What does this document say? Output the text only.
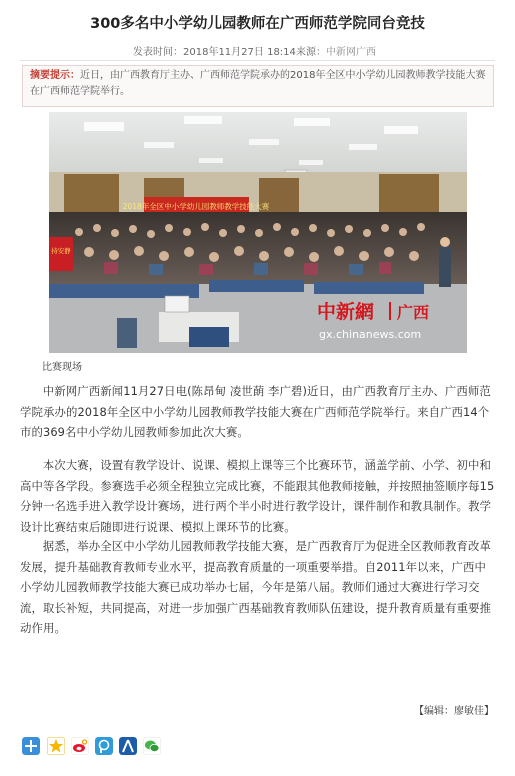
300多名中小学幼儿园教师在广西师范学院同台竞技
发表时间：2018年11月27日 18:14 来源：中新网广西
摘要提示：近日，由广西教育厅主办、广西师范学院承办的2018年全区中小学幼儿园教师教学技能大赛在广西师范学院举行。
2018年全区中小学幼儿园教师教学技能大赛
持安静
中新網 广西
gx.chinanews.com
比赛现场

中新网广西新闻11月27日电(陈昂甸 凌世蓢 李广碧)近日，由广西教育厅主办、广西师范学院承办的2018年全区中小学幼儿园教师教学技能大赛在广西师范学院举行。来自广西14个市的369名中小学幼儿园教师参加此次大赛。

本次大赛，设置有教学设计、说课、模拟上课等三个比赛环节，涵盖学前、小学、初中和高中等各学段。参赛选手必须全程独立完成比赛，不能跟其他教师接触，并按照抽签顺序每15分钟一名选手进入教学设计赛场，进行两个半小时进行教学设计，课件制作和教具制作。教学设计比赛结束后随即进行说课、模拟上课环节的比赛。

据悉，举办全区中小学幼儿园教师教学技能大赛，是广西教育厅为促进全区教师教育改革发展，提升基础教育教师专业水平，提高教育质量的一项重要举措。自2011年以来，广西中小学幼儿园教师教学技能大赛已成功举办七届，今年是第八届。教师们通过大赛进行学习交流，取长补短，共同提高，对进一步加强广西基础教育教师队伍建设，提升教育质量有重要推动作用。

【编辑：廖敏佳】
